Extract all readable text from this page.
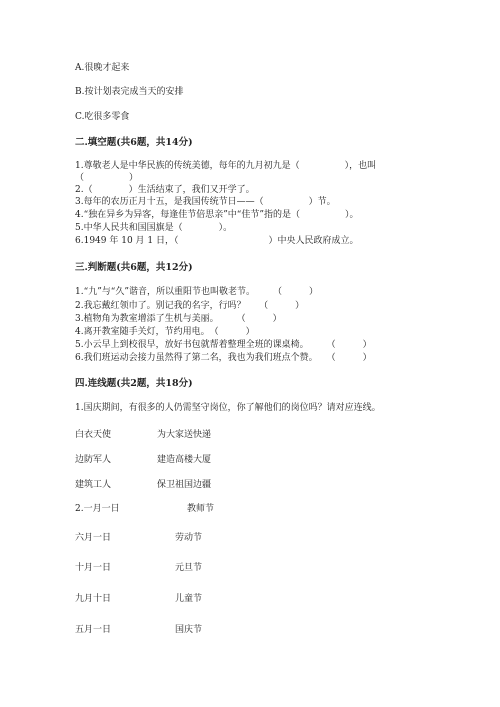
A.很晚才起来
B.按计划表完成当天的安排
C.吃很多零食
二.填空题(共6题，共14分)
1.尊敬老人是中华民族的传统美德，每年的九月初九是（　　　　　），也叫
（　　　　　）
2.（　　　　）生活结束了，我们又开学了。
3.每年的农历正月十五，是我国传统节日——（　　　　　）节。
4.“独在异乡为异客，每逢佳节倍思亲”中“佳节”指的是（　　　　　）。
5.中华人民共和国国旗是（　　　　）。
6.1949 年 10 月 1 日，（　　　　　　　　　　）中央人民政府成立。
三.判断题(共6题，共12分)
1.“九”与“久”谐音，所以重阳节也叫敬老节。　　　（　　　）
2.我忘戴红领巾了。别记我的名字，行吗？　　（　　　）
3.植物角为教室增添了生机与美丽。　　　（　　　）
4.离开教室随手关灯，节约用电。　（　　　）
5.小云早上到校很早，放好书包就帮着整理全班的课桌椅。　　　（　　　）
6.我们班运动会接力虽然得了第二名，我也为我们班点个赞。　　（　　　）
四.连线题(共2题，共18分)
1.国庆期间，有很多的人仍需坚守岗位，你了解他们的岗位吗？请对应连线。
白衣天使	为大家送快递
边防军人	建造高楼大厦
建筑工人	保卫祖国边疆
2.一月一日	教师节
六月一日	劳动节
十月一日	元旦节
九月十日	儿童节
五月一日	国庆节
